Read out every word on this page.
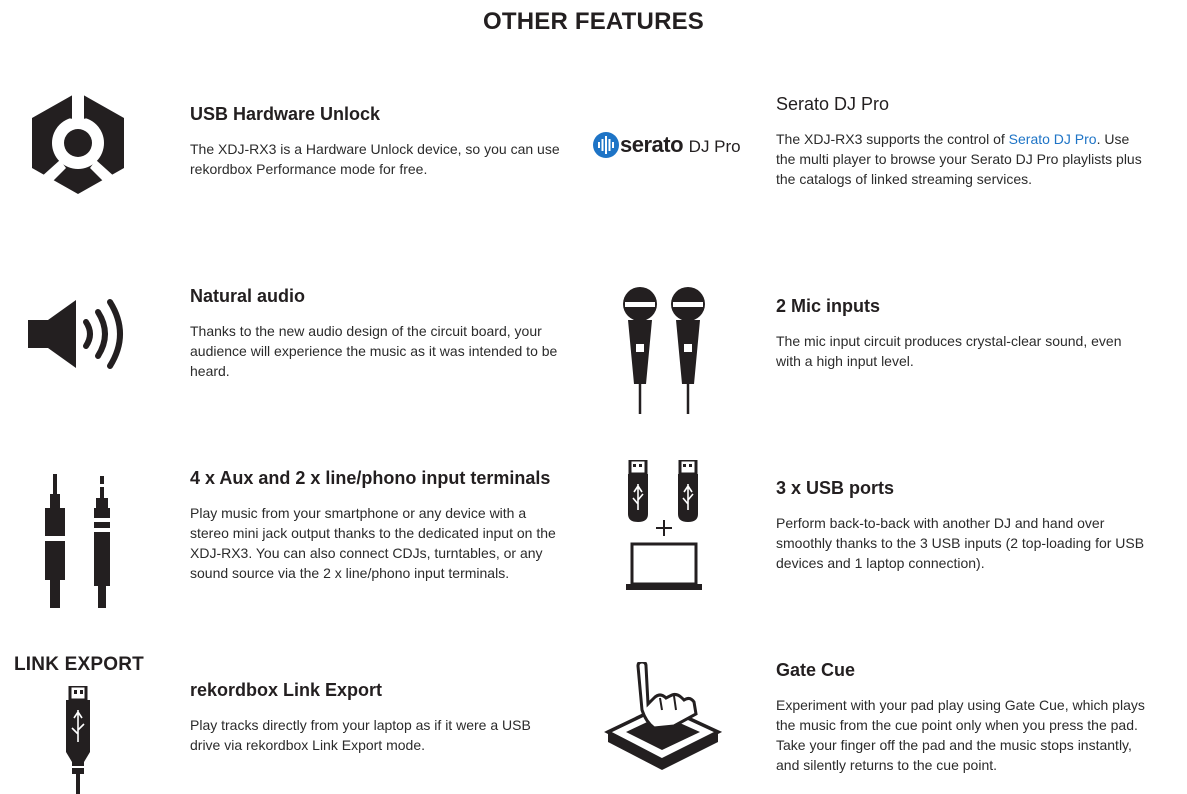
OTHER FEATURES
USB Hardware Unlock

The XDJ-RX3 is a Hardware Unlock device, so you can use rekordbox Performance mode for free.

serato DJ Pro
Serato DJ Pro

The XDJ-RX3 supports the control of Serato DJ Pro. Use the multi player to browse your Serato DJ Pro playlists plus the catalogs of linked streaming services.

Natural audio

Thanks to the new audio design of the circuit board, your audience will experience the music as it was intended to be heard.

2 Mic inputs

The mic input circuit produces crystal-clear sound, even with a high input level.

4 x Aux and 2 x line/phono input terminals

Play music from your smartphone or any device with a stereo mini jack output thanks to the dedicated input on the XDJ-RX3. You can also connect CDJs, turntables, or any sound source via the 2 x line/phono input terminals.

3 x USB ports

Perform back-to-back with another DJ and hand over smoothly thanks to the 3 USB inputs (2 top-loading for USB devices and 1 laptop connection).

LINK EXPORT
rekordbox Link Export

Play tracks directly from your laptop as if it were a USB drive via rekordbox Link Export mode.

Gate Cue

Experiment with your pad play using Gate Cue, which plays the music from the cue point only when you press the pad. Take your finger off the pad and the music stops instantly, and silently returns to the cue point.
